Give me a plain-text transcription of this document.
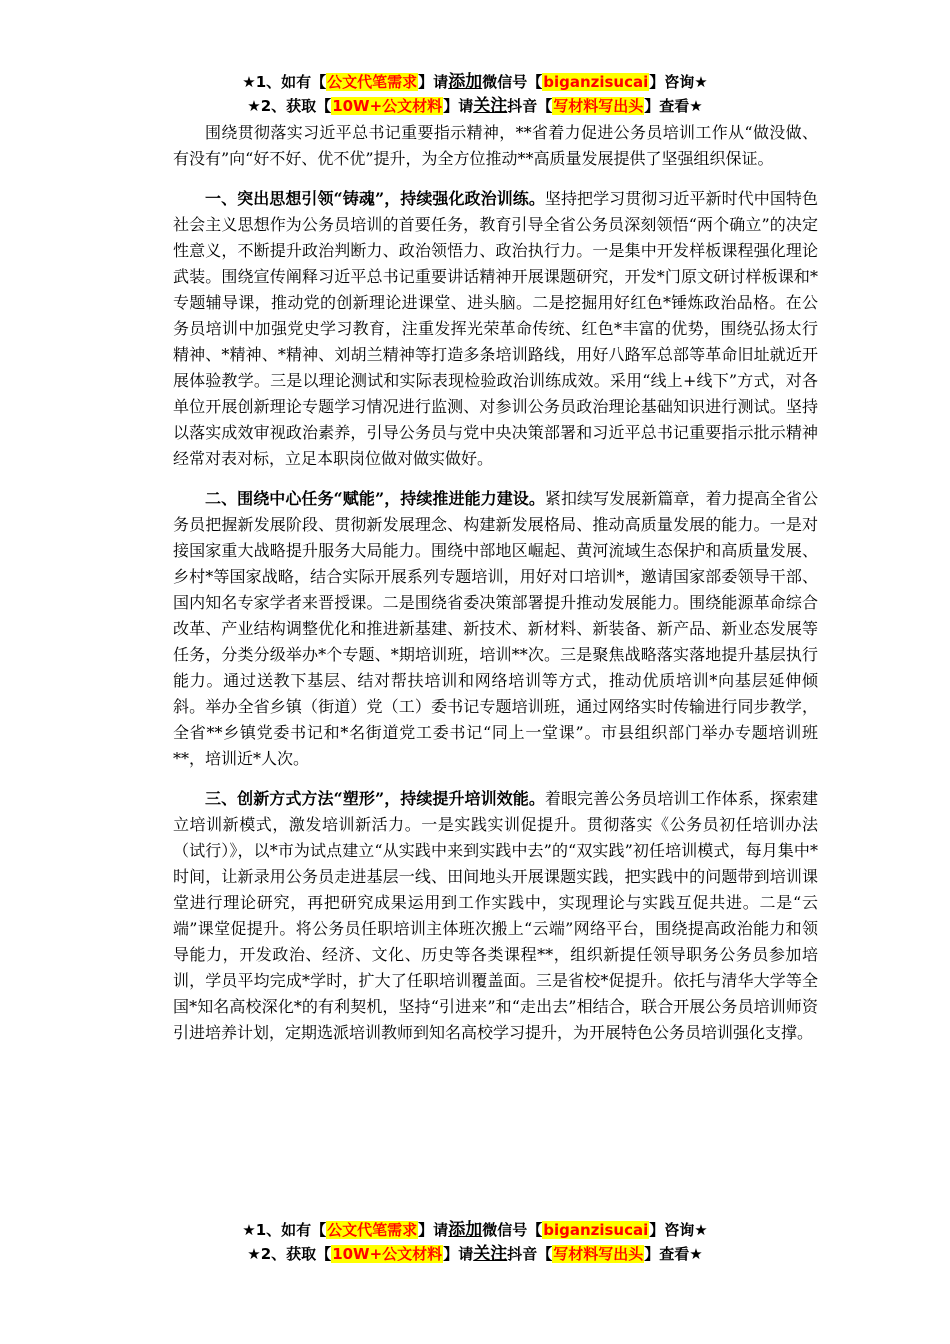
★1、如有【公文代笔需求】请添加微信号【biganzisucai】咨询★
★2、获取【10W+公文材料】请关注抖音【写材料写出头】查看★

围绕贯彻落实习近平总书记重要指示精神，**省着力促进公务员培训工作从“做没做、有没有”向“好不好、优不优”提升，为全方位推动**高质量发展提供了坚强组织保证。

一、突出思想引领“铸魂”，持续强化政治训练。坚持把学习贯彻习近平新时代中国特色社会主义思想作为公务员培训的首要任务，教育引导全省公务员深刻领悟“两个确立”的决定性意义，不断提升政治判断力、政治领悟力、政治执行力。一是集中开发样板课程强化理论武装。围绕宣传阐释习近平总书记重要讲话精神开展课题研究，开发*门原文研讨样板课和*专题辅导课，推动党的创新理论进课堂、进头脑。二是挖掘用好红色*锤炼政治品格。在公务员培训中加强党史学习教育，注重发挥光荣革命传统、红色*丰富的优势，围绕弘扬太行精神、*精神、*精神、刘胡兰精神等打造多条培训路线，用好八路军总部等革命旧址就近开展体验教学。三是以理论测试和实际表现检验政治训练成效。采用“线上+线下”方式，对各单位开展创新理论专题学习情况进行监测、对参训公务员政治理论基础知识进行测试。坚持以落实成效审视政治素养，引导公务员与党中央决策部署和习近平总书记重要指示批示精神经常对表对标，立足本职岗位做对做实做好。

二、围绕中心任务“赋能”，持续推进能力建设。紧扣续写发展新篇章，着力提高全省公务员把握新发展阶段、贯彻新发展理念、构建新发展格局、推动高质量发展的能力。一是对接国家重大战略提升服务大局能力。围绕中部地区崛起、黄河流域生态保护和高质量发展、乡村*等国家战略，结合实际开展系列专题培训，用好对口培训*，邀请国家部委领导干部、国内知名专家学者来晋授课。二是围绕省委决策部署提升推动发展能力。围绕能源革命综合改革、产业结构调整优化和推进新基建、新技术、新材料、新装备、新产品、新业态发展等任务，分类分级举办*个专题、*期培训班，培训**次。三是聚焦战略落实落地提升基层执行能力。通过送教下基层、结对帮扶培训和网络培训等方式，推动优质培训*向基层延伸倾斜。举办全省乡镇（街道）党（工）委书记专题培训班，通过网络实时传输进行同步教学，全省**乡镇党委书记和*名街道党工委书记“同上一堂课”。市县组织部门举办专题培训班**，培训近*人次。

三、创新方式方法“塑形”，持续提升培训效能。着眼完善公务员培训工作体系，探索建立培训新模式，激发培训新活力。一是实践实训促提升。贯彻落实《公务员初任培训办法（试行）》，以*市为试点建立“从实践中来到实践中去”的“双实践”初任培训模式，每月集中*时间，让新录用公务员走进基层一线、田间地头开展课题实践，把实践中的问题带到培训课堂进行理论研究，再把研究成果运用到工作实践中，实现理论与实践互促共进。二是“云端”课堂促提升。将公务员任职培训主体班次搬上“云端”网络平台，围绕提高政治能力和领导能力，开发政治、经济、文化、历史等各类课程**，组织新提任领导职务公务员参加培训，学员平均完成*学时，扩大了任职培训覆盖面。三是省校*促提升。依托与清华大学等全国*知名高校深化*的有利契机，坚持“引进来”和“走出去”相结合，联合开展公务员培训师资引进培养计划，定期选派培训教师到知名高校学习提升，为开展特色公务员培训强化支撑。

★1、如有【公文代笔需求】请添加微信号【biganzisucai】咨询★
★2、获取【10W+公文材料】请关注抖音【写材料写出头】查看★
